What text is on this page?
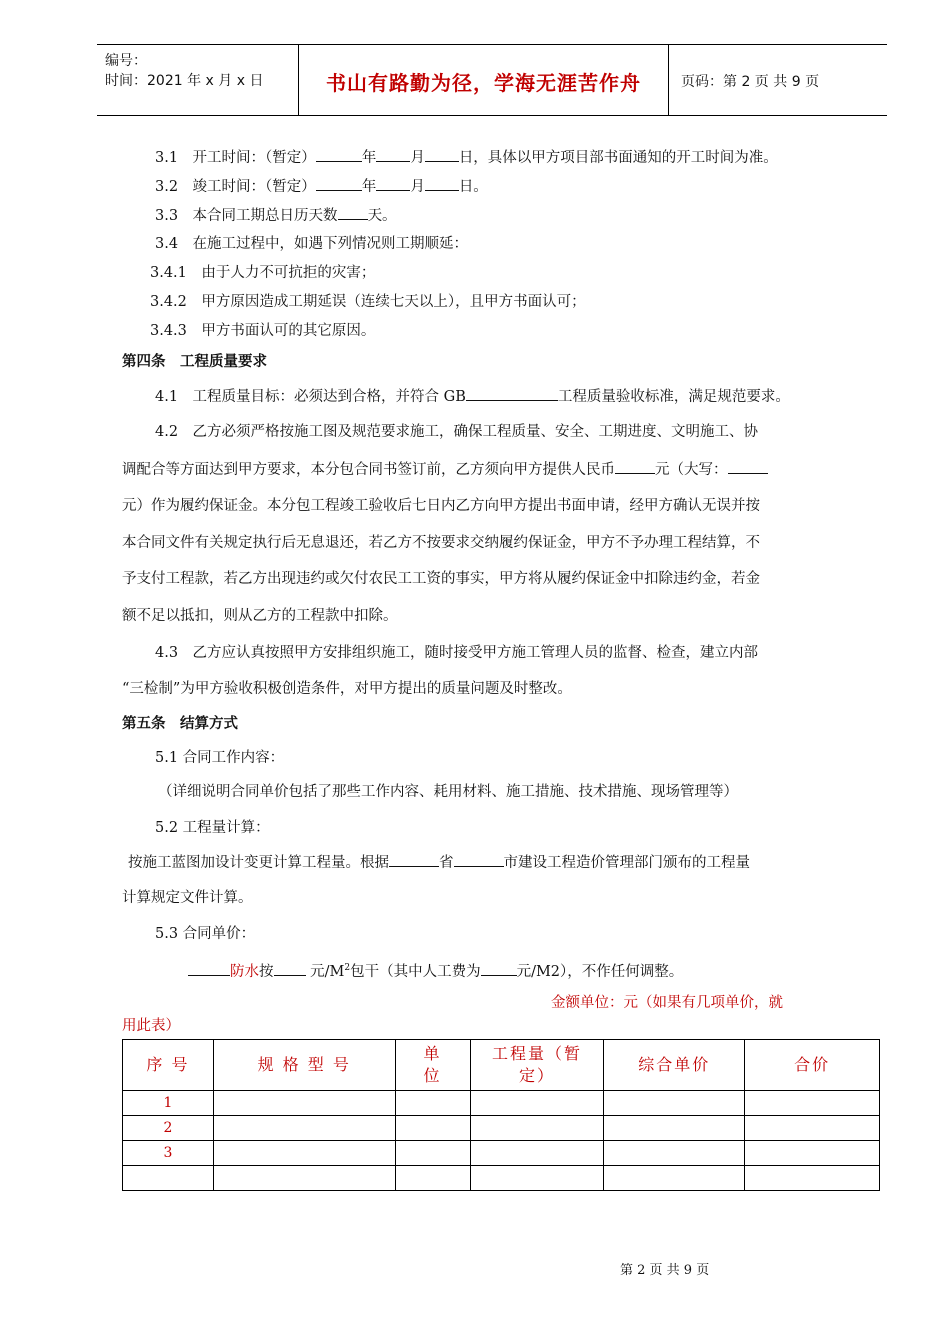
编号：
时间：2021 年 x 月 x 日	书山有路勤为径，学海无涯苦作舟	页码：第 2 页 共 9 页
3.1　开工时间：（暂定）	年 月 日，具体以甲方项目部书面通知的开工时间为准。
3.2　竣工时间：（暂定）	年 月 日。
3.3　本合同工期总日历天数 天。
3.4　在施工过程中，如遇下列情况则工期顺延：
3.4.1　由于人力不可抗拒的灾害；
3.4.2　甲方原因造成工期延误（连续七天以上），且甲方书面认可；
3.4.3　甲方书面认可的其它原因。
第四条　工程质量要求
4.1　工程质量目标：必须达到合格，并符合 GB	工程质量验收标准，满足规范要求。
4.2　乙方必须严格按施工图及规范要求施工，确保工程质量、安全、工期进度、文明施工、协
调配合等方面达到甲方要求，本分包合同书签订前，乙方须向甲方提供人民币	元（大写：
元）作为履约保证金。本分包工程竣工验收后七日内乙方向甲方提出书面申请，经甲方确认无误并按
本合同文件有关规定执行后无息退还，若乙方不按要求交纳履约保证金，甲方不予办理工程结算，不
予支付工程款，若乙方出现违约或欠付农民工工资的事实，甲方将从履约保证金中扣除违约金，若金
额不足以抵扣，则从乙方的工程款中扣除。
4.3　乙方应认真按照甲方安排组织施工，随时接受甲方施工管理人员的监督、检查，建立内部
“三检制”为甲方验收积极创造条件，对甲方提出的质量问题及时整改。
第五条　结算方式
5.1 合同工作内容：
（详细说明合同单价包括了那些工作内容、耗用材料、施工措施、技术措施、现场管理等）
5.2 工程量计算：
按施工蓝图加设计变更计算工程量。根据	省	市建设工程造价管理部门颁布的工程量
计算规定文件计算。
5.3 合同单价：
防水按	元$/M^2$包干（其中人工费为 元/M2），不作任何调整。
金额单位：元（如果有几项单价，就
用此表）
序 号	规 格 型 号	单位	工程量（暂定）	综合单价	合价
1					
2					
3					

第 2 页 共 9 页
